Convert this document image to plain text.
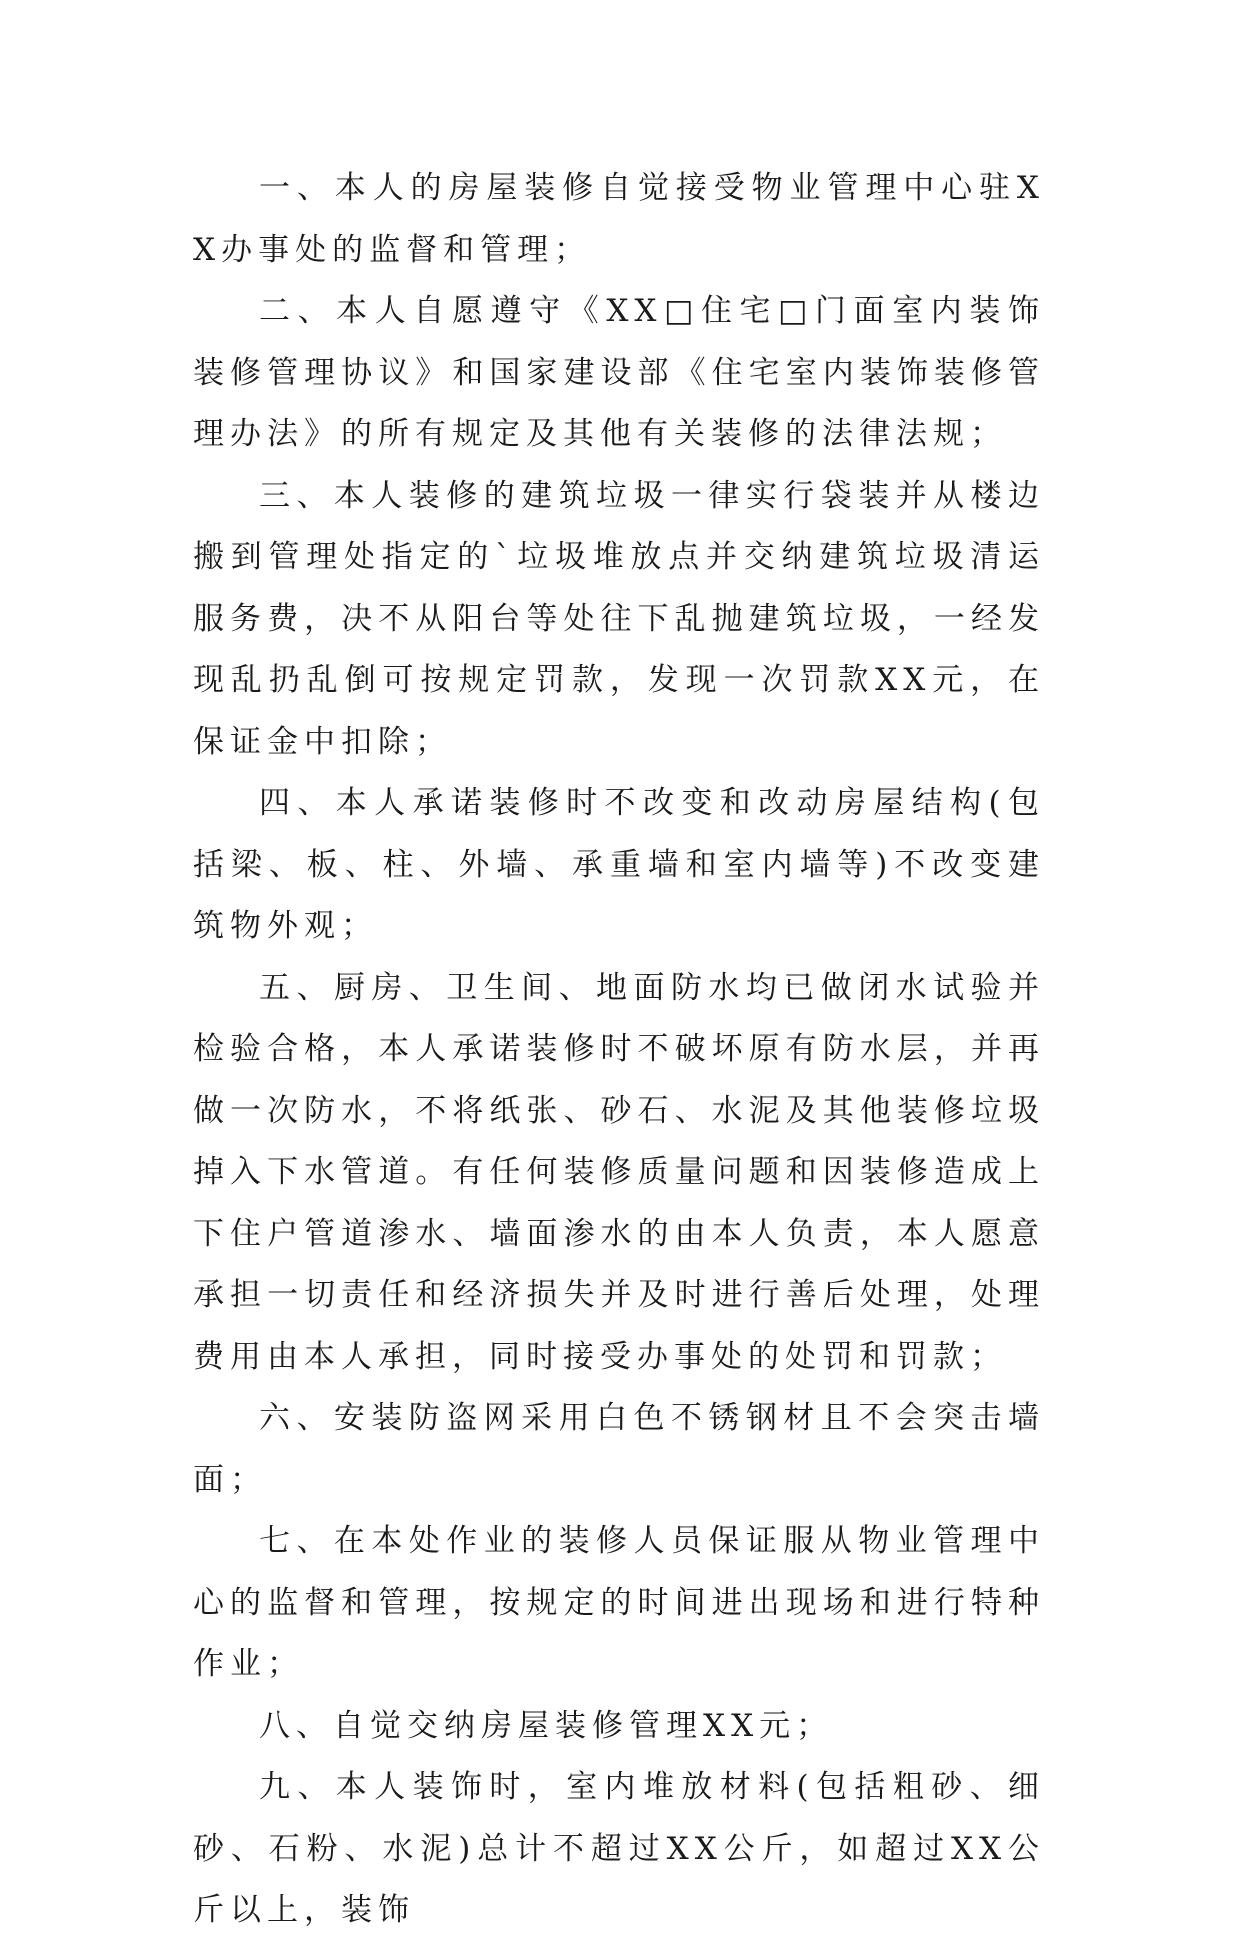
一、本人的房屋装修自觉接受物业管理中心驻XX办事处的监督和管理；

二、本人自愿遵守《XX□住宅□门面室内装饰装修管理协议》和国家建设部《住宅室内装饰装修管理办法》的所有规定及其他有关装修的法律法规；

三、本人装修的建筑垃圾一律实行袋装并从楼边搬到管理处指定的`垃圾堆放点并交纳建筑垃圾清运服务费，决不从阳台等处往下乱抛建筑垃圾，一经发现乱扔乱倒可按规定罚款，发现一次罚款XX元，在保证金中扣除；

四、本人承诺装修时不改变和改动房屋结构(包括梁、板、柱、外墙、承重墙和室内墙等)不改变建筑物外观；

五、厨房、卫生间、地面防水均已做闭水试验并检验合格，本人承诺装修时不破坏原有防水层，并再做一次防水，不将纸张、砂石、水泥及其他装修垃圾掉入下水管道。有任何装修质量问题和因装修造成上下住户管道渗水、墙面渗水的由本人负责，本人愿意承担一切责任和经济损失并及时进行善后处理，处理费用由本人承担，同时接受办事处的处罚和罚款；

六、安装防盗网采用白色不锈钢材且不会突击墙面；

七、在本处作业的装修人员保证服从物业管理中心的监督和管理，按规定的时间进出现场和进行特种作业；

八、自觉交纳房屋装修管理XX元；

九、本人装饰时，室内堆放材料(包括粗砂、细砂、石粉、水泥)总计不超过XX公斤，如超过XX公斤以上，装饰
